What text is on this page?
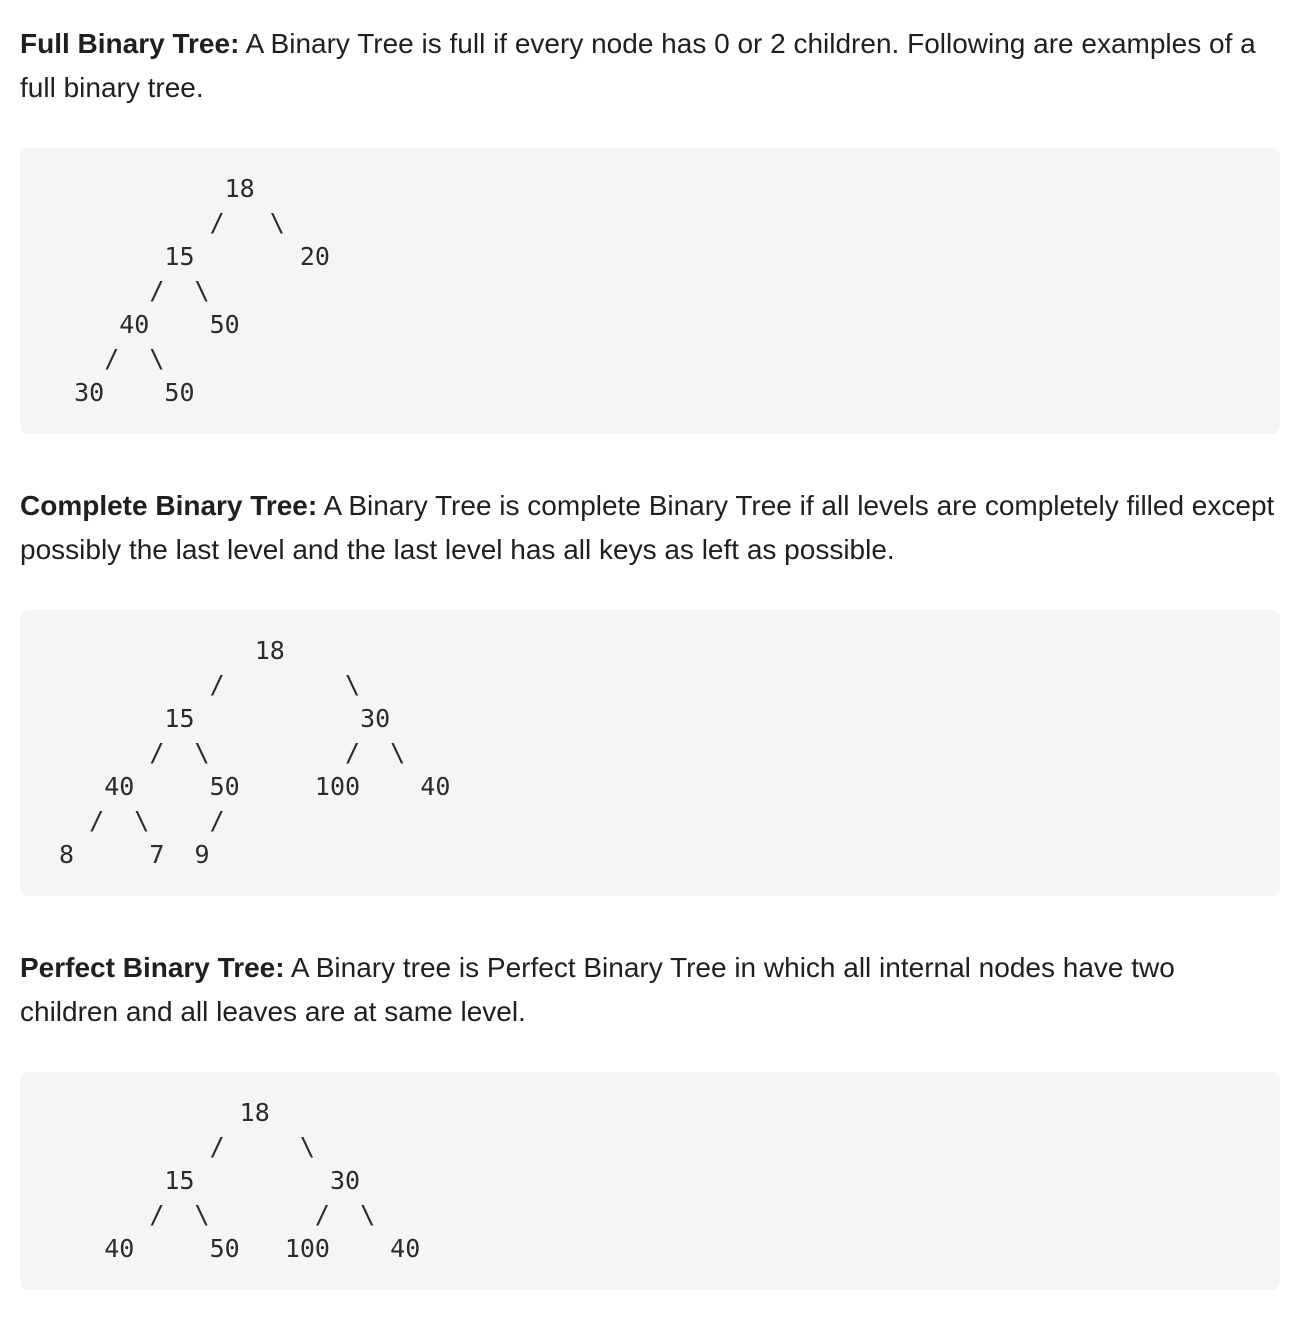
Full Binary Tree: A Binary Tree is full if every node has 0 or 2 children. Following are examples of a full binary tree.

18
/   \
15       20
/  \
40    50
/  \
30    50

Complete Binary Tree: A Binary Tree is complete Binary Tree if all levels are completely filled except possibly the last level and the last level has all keys as left as possible.

18
/        \
15           30
/  \         /  \
40     50     100    40
/  \    /
8     7  9

Perfect Binary Tree: A Binary tree is Perfect Binary Tree in which all internal nodes have two children and all leaves are at same level.

18
/     \
15         30
/  \       /  \
40     50   100    40
